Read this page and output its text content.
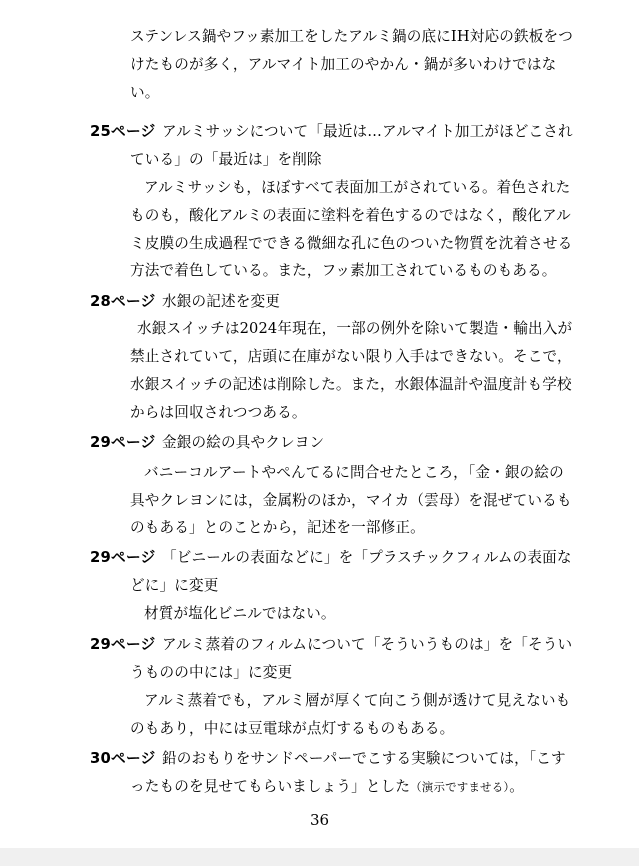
ステンレス鍋やフッ素加工をしたアルミ鍋の底にIH対応の鉄板をつ
けたものが多く，アルマイト加工のやかん・鍋が多いわけではな
い。
25ページ アルミサッシについて「最近は…アルマイト加工がほどこされ
ている」の「最近は」を削除
アルミサッシも，ほぼすべて表面加工がされている。着色された
ものも，酸化アルミの表面に塗料を着色するのではなく，酸化アル
ミ皮膜の生成過程でできる微細な孔に色のついた物質を沈着させる
方法で着色している。また，フッ素加工されているものもある。
28ページ 水銀の記述を変更
水銀スイッチは2024年現在，一部の例外を除いて製造・輸出入が
禁止されていて，店頭に在庫がない限り入手はできない。そこで，
水銀スイッチの記述は削除した。また，水銀体温計や温度計も学校
からは回収されつつある。
29ページ 金銀の絵の具やクレヨン
バニーコルアートやぺんてるに問合せたところ，「金・銀の絵の
具やクレヨンには，金属粉のほか，マイカ（雲母）を混ぜているも
のもある」とのことから，記述を一部修正。
29ページ 「ビニールの表面などに」を「プラスチックフィルムの表面な
どに」に変更
材質が塩化ビニルではない。
29ページ アルミ蒸着のフィルムについて「そういうものは」を「そうい
うものの中には」に変更
アルミ蒸着でも，アルミ層が厚くて向こう側が透けて見えないも
のもあり，中には豆電球が点灯するものもある。
30ページ 鉛のおもりをサンドペーパーでこする実験については，「こす
ったものを見せてもらいましょう」とした（演示ですませる）。
36
